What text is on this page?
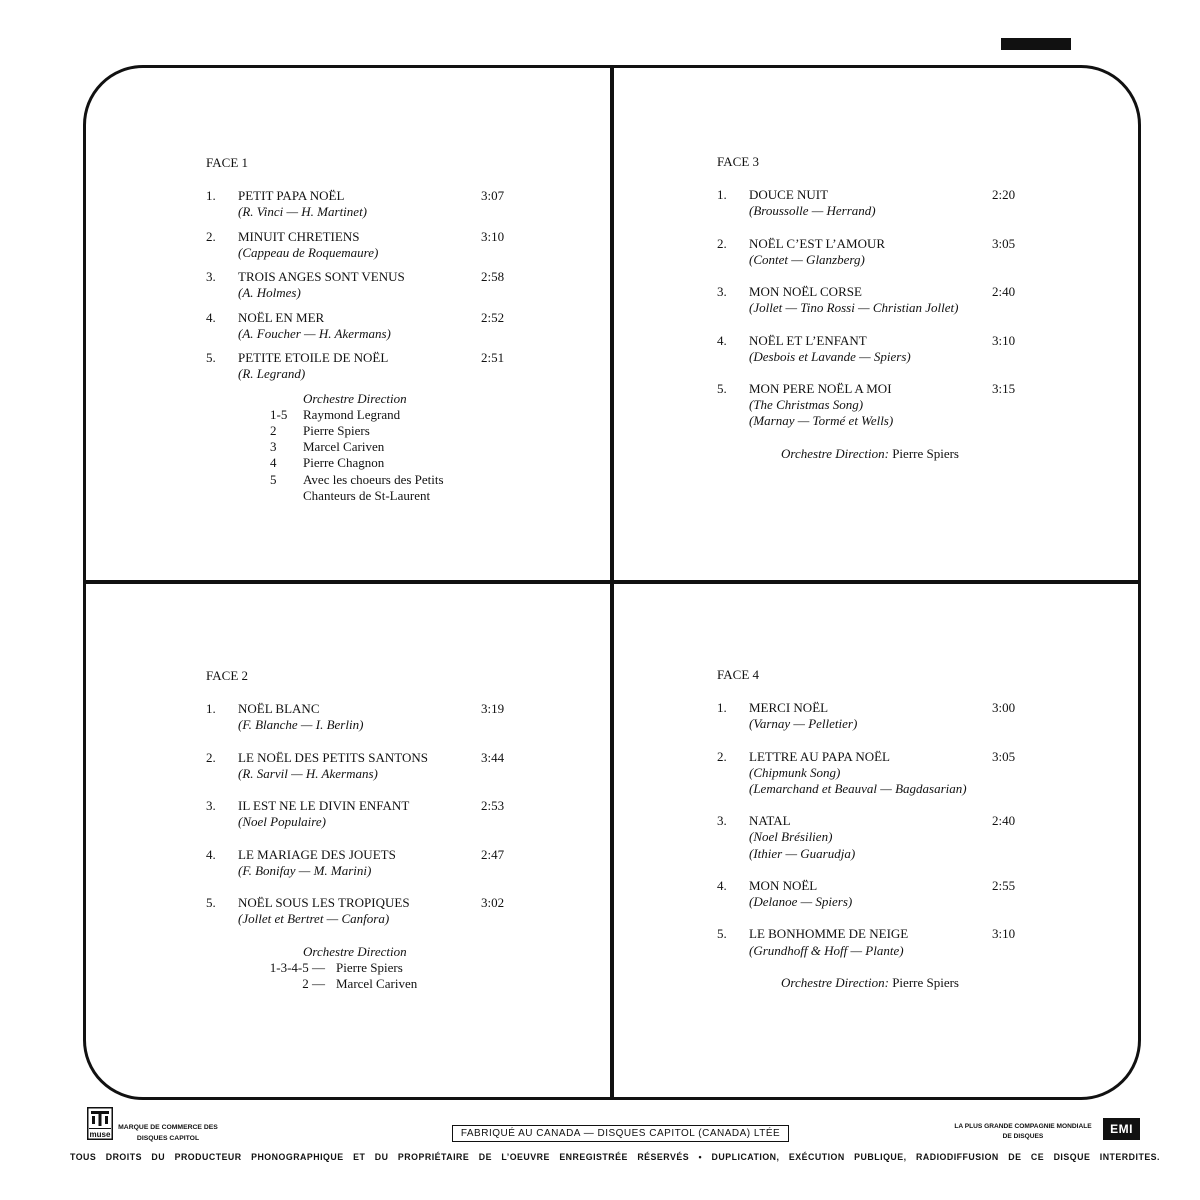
FACE 1
1. PETIT PAPA NOËL	3:07
(R. Vinci — H. Martinet)
2. MINUIT CHRETIENS	3:10
(Cappeau de Roquemaure)
3. TROIS ANGES SONT VENUS	2:58
(A. Holmes)
4. NOËL EN MER	2:52
(A. Foucher — H. Akermans)
5. PETITE ETOILE DE NOËL	2:51
(R. Legrand)
Orchestre Direction
1-5 Raymond Legrand
2 Pierre Spiers
3 Marcel Cariven
4 Pierre Chagnon
5 Avec les choeurs des Petits
Chanteurs de St-Laurent
FACE 3
1. DOUCE NUIT	2:20
(Broussolle — Herrand)
2. NOËL C’EST L’AMOUR	3:05
(Contet — Glanzberg)
3. MON NOËL CORSE	2:40
(Jollet — Tino Rossi — Christian Jollet)
4. NOËL ET L’ENFANT	3:10
(Desbois et Lavande — Spiers)
5. MON PERE NOËL A MOI	3:15
(The Christmas Song)
(Marnay — Tormé et Wells)
Orchestre Direction: Pierre Spiers
FACE 2
1. NOËL BLANC	3:19
(F. Blanche — I. Berlin)
2. LE NOËL DES PETITS SANTONS	3:44
(R. Sarvil — H. Akermans)
3. IL EST NE LE DIVIN ENFANT	2:53
(Noel Populaire)
4. LE MARIAGE DES JOUETS	2:47
(F. Bonifay — M. Marini)
5. NOËL SOUS LES TROPIQUES	3:02
(Jollet et Bertret — Canfora)
Orchestre Direction
1-3-4-5 — Pierre Spiers
2 — Marcel Cariven
FACE 4
1. MERCI NOËL	3:00
(Varnay — Pelletier)
2. LETTRE AU PAPA NOËL	3:05
(Chipmunk Song)
(Lemarchand et Beauval — Bagdasarian)
3. NATAL	2:40
(Noel Brésilien)
(Ithier — Guarudja)
4. MON NOËL	2:55
(Delanoe — Spiers)
5. LE BONHOMME DE NEIGE	3:10
(Grundhoff & Hoff — Plante)
Orchestre Direction: Pierre Spiers
muse
MARQUE DE COMMERCE DES
DISQUES CAPITOL	FABRIQUÉ AU CANADA — DISQUES CAPITOL (CANADA) LTÉE
LA PLUS GRANDE COMPAGNIE MONDIALE
DE DISQUES
EMI
TOUS DROITS DU PRODUCTEUR PHONOGRAPHIQUE ET DU PROPRIÉTAIRE DE L’OEUVRE ENREGISTRÉE RÉSERVÉS • DUPLICATION, EXÉCUTION PUBLIQUE, RADIODIFFUSION DE CE DISQUE INTERDITES.
